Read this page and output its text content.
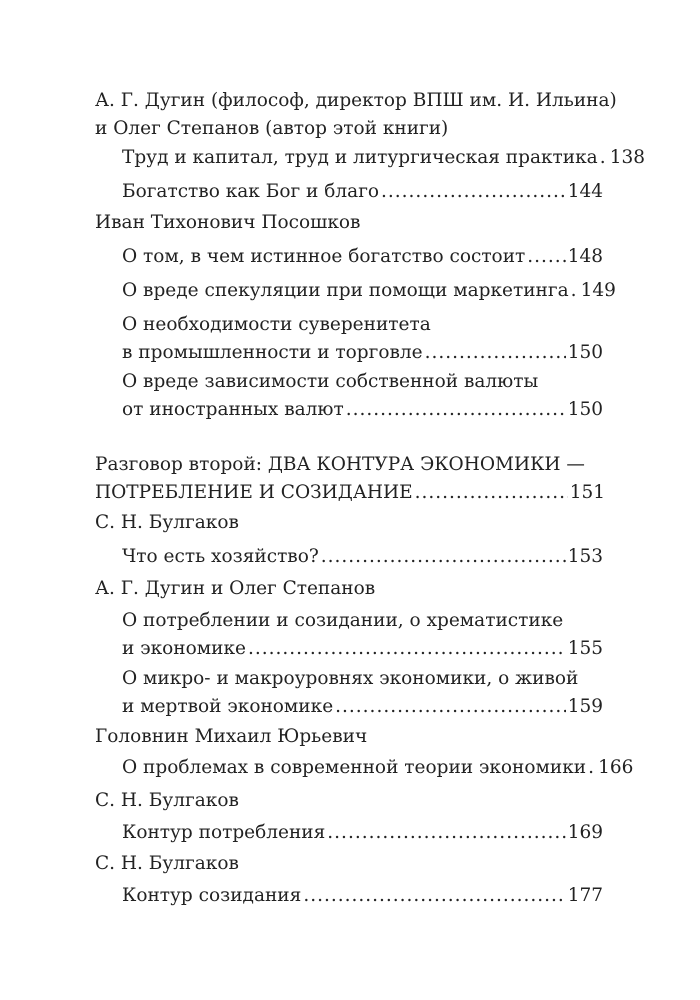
А. Г. Дугин (философ, директор ВПШ им. И. Ильина)
и Олег Степанов (автор этой книги)
Труд и капитал, труд и литургическая практика ..... 138
Богатство как Бог и благо .....	144
Иван Тихонович Посошков
О том, в чем истинное богатство состоит ..... 148
О вреде спекуляции при помощи маркетинга ..... 149
О необходимости суверенитета
в промышленности и торговле .....	150
О вреде зависимости собственной валюты
от иностранных валют .....	150
Разговор второй: ДВА КОНТУРА ЭКОНОМИКИ —
ПОТРЕБЛЕНИЕ И СОЗИДАНИЕ .....	151
С. Н. Булгаков
Что есть хозяйство? .....	153
А. Г. Дугин и Олег Степанов
О потреблении и созидании, о хрематистике
и экономике .....	155
О микро- и макроуровнях экономики, о живой
и мертвой экономике .....	159
Головнин Михаил Юрьевич
О проблемах в современной теории экономики ..... 166
С. Н. Булгаков
Контур потребления .....	169
С. Н. Булгаков
Контур созидания .....	177
